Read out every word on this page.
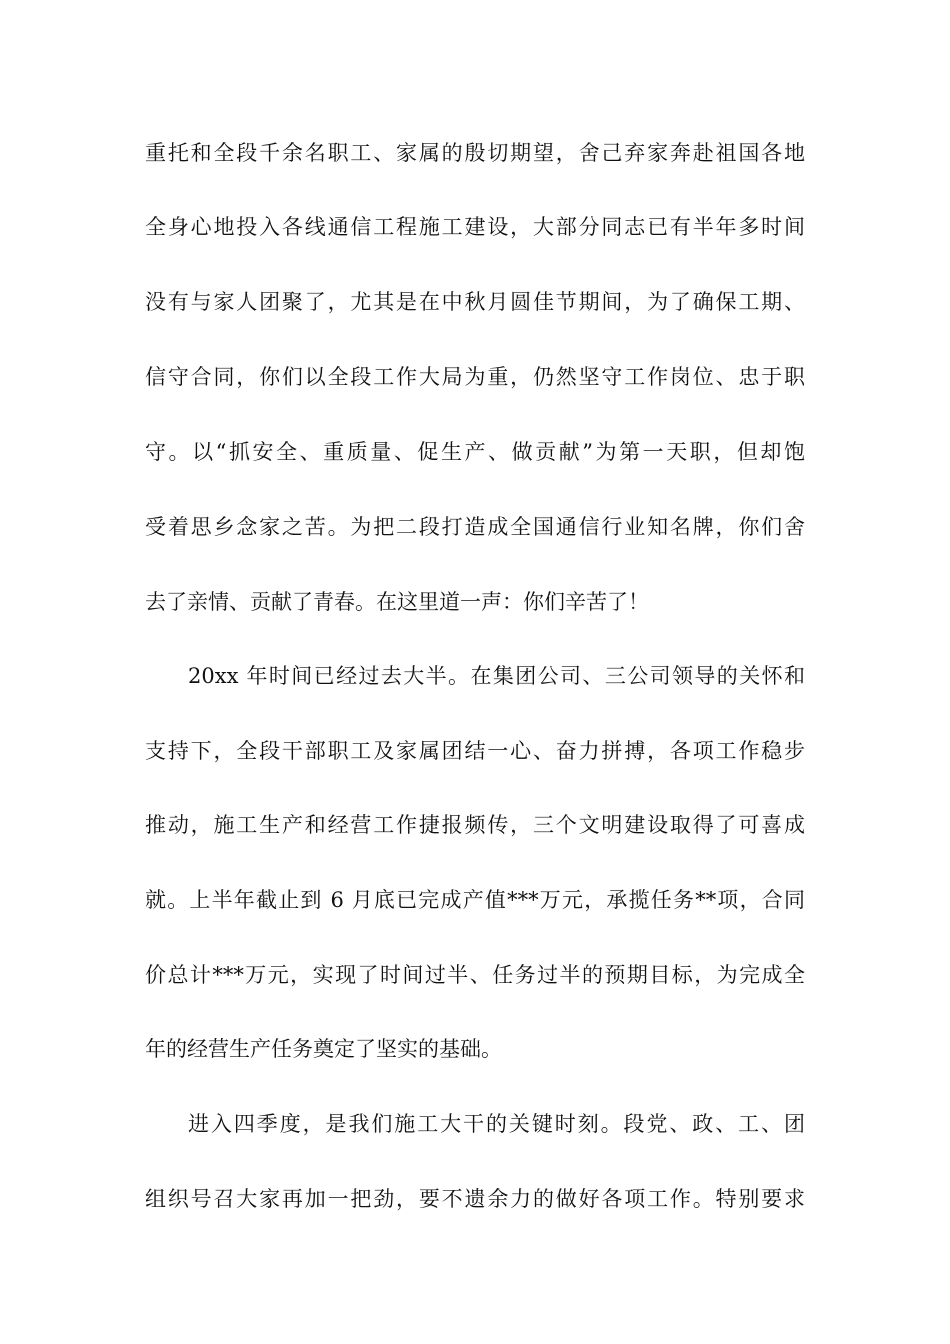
重托和全段千余名职工、家属的殷切期望，舍己弃家奔赴祖国各地
全身心地投入各线通信工程施工建设，大部分同志已有半年多时间
没有与家人团聚了，尤其是在中秋月圆佳节期间，为了确保工期、
信守合同，你们以全段工作大局为重，仍然坚守工作岗位、忠于职
守。以“抓安全、重质量、促生产、做贡献”为第一天职，但却饱
受着思乡念家之苦。为把二段打造成全国通信行业知名牌，你们舍
去了亲情、贡献了青春。在这里道一声：你们辛苦了！
20xx 年时间已经过去大半。在集团公司、三公司领导的关怀和
支持下，全段干部职工及家属团结一心、奋力拼搏，各项工作稳步
推动，施工生产和经营工作捷报频传，三个文明建设取得了可喜成
就。上半年截止到 6 月底已完成产值***万元，承揽任务**项，合同
价总计***万元，实现了时间过半、任务过半的预期目标，为完成全
年的经营生产任务奠定了坚实的基础。
进入四季度，是我们施工大干的关键时刻。段党、政、工、团
组织号召大家再加一把劲，要不遗余力的做好各项工作。特别要求
